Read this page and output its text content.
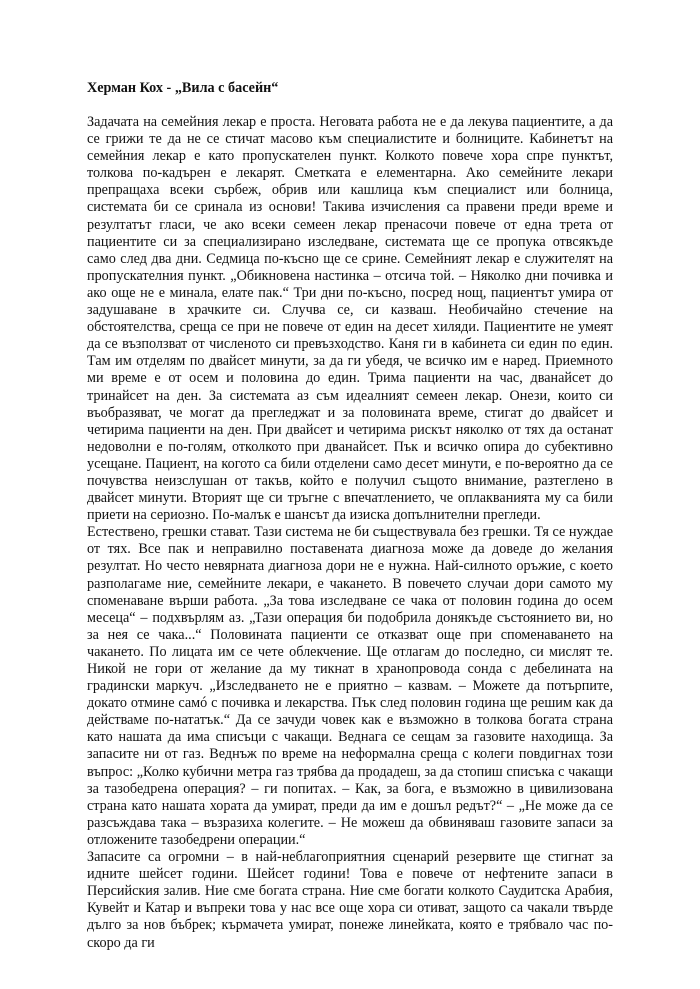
Херман Кох - „Вила с басейн“

Задачата на семейния лекар е проста. Неговата работа не е да лекува пациентите, а да се грижи те да не се стичат масово към специалистите и болниците. Кабинетът на семейния лекар е като пропускателен пункт. Колкото повече хора спре пунктът, толкова по-кадърен е лекарят. Сметката е елементарна. Ако семейните лекари препращаха всеки сърбеж, обрив или кашлица към специалист или болница, системата би се сринала из основи! Такива изчисления са правени преди време и резултатът гласи, че ако всеки семеен лекар пренасочи повече от една трета от пациентите си за специализирано изследване, системата ще се пропука отвсякъде само след два дни. Седмица по-късно ще се срине. Семейният лекар е служителят на пропускателния пункт. „Обикновена настинка – отсича той. – Няколко дни почивка и ако още не е минала, елате пак.“ Три дни по-късно, посред нощ, пациентът умира от задушаване в храчките си. Случва се, си казваш. Необичайно стечение на обстоятелства, среща се при не повече от един на десет хиляди. Пациентите не умеят да се възползват от численото си превъзходство. Каня ги в кабинета си един по един. Там им отделям по двайсет минути, за да ги убедя, че всичко им е наред. Приемното ми време е от осем и половина до един. Трима пациенти на час, дванайсет до тринайсет на ден. За системата аз съм идеалният семеен лекар. Онези, които си въобразяват, че могат да прегледжат и за половината време, стигат до двайсет и четирима пациенти на ден. При двайсет и четирима рискът няколко от тях да останат недоволни е по-голям, отколкото при дванайсет. Пък и всичко опира до субективно усещане. Пациент, на когото са били отделени само десет минути, е по-вероятно да се почувства неизслушан от такъв, който е получил същото внимание, разтеглено в двайсет минути. Вторият ще си тръгне с впечатлението, че оплакванията му са били приети на сериозно. По-малък е шансът да изиска допълнителни прегледи.

Естествено, грешки стават. Тази система не би съществувала без грешки. Тя се нуждае от тях. Все пак и неправилно поставената диагноза може да доведе до желания резултат. Но често невярната диагноза дори не е нужна. Най-силното оръжие, с което разполагаме ние, семейните лекари, е чакането. В повечето случаи дори самото му споменаване върши работа. „За това изследване се чака от половин година до осем месеца“ – подхвърлям аз. „Тази операция би подобрила донякъде състоянието ви, но за нея се чака...“ Половината пациенти се отказват още при споменаването на чакането. По лицата им се чете облекчение. Ще отлагам до последно, си мислят те. Никой не гори от желание да му тикнат в хранопровода сонда с дебелината на градински маркуч. „Изследването не е приятно – казвам. – Можете да потърпите, докато отмине самó с почивка и лекарства. Пък след половин година ще решим как да действаме по-нататък.“ Да се зачуди човек как е възможно в толкова богата страна като нашата да има списъци с чакащи. Веднага се сещам за газовите находища. За запасите ни от газ. Веднъж по време на неформална среща с колеги повдигнах този въпрос: „Колко кубични метра газ трябва да продадеш, за да стопиш списъка с чакащи за тазобедрена операция? – ги попитах. – Как, за бога, е възможно в цивилизована страна като нашата хората да умират, преди да им е дошъл редът?“ – „Не може да се разсъждава така – възразиха колегите. – Не можеш да обвиняваш газовите запаси за отложените тазобедрени операции.“

Запасите са огромни – в най-неблагоприятния сценарий резервите ще стигнат за идните шейсет години. Шейсет години! Това е повече от нефтените запаси в Персийския залив. Ние сме богата страна. Ние сме богати колкото Саудитска Арабия, Кувейт и Катар и въпреки това у нас все още хора си отиват, защото са чакали твърде дълго за нов бъбрек; кърмачета умират, понеже линейката, която е трябвало час по-скоро да ги
